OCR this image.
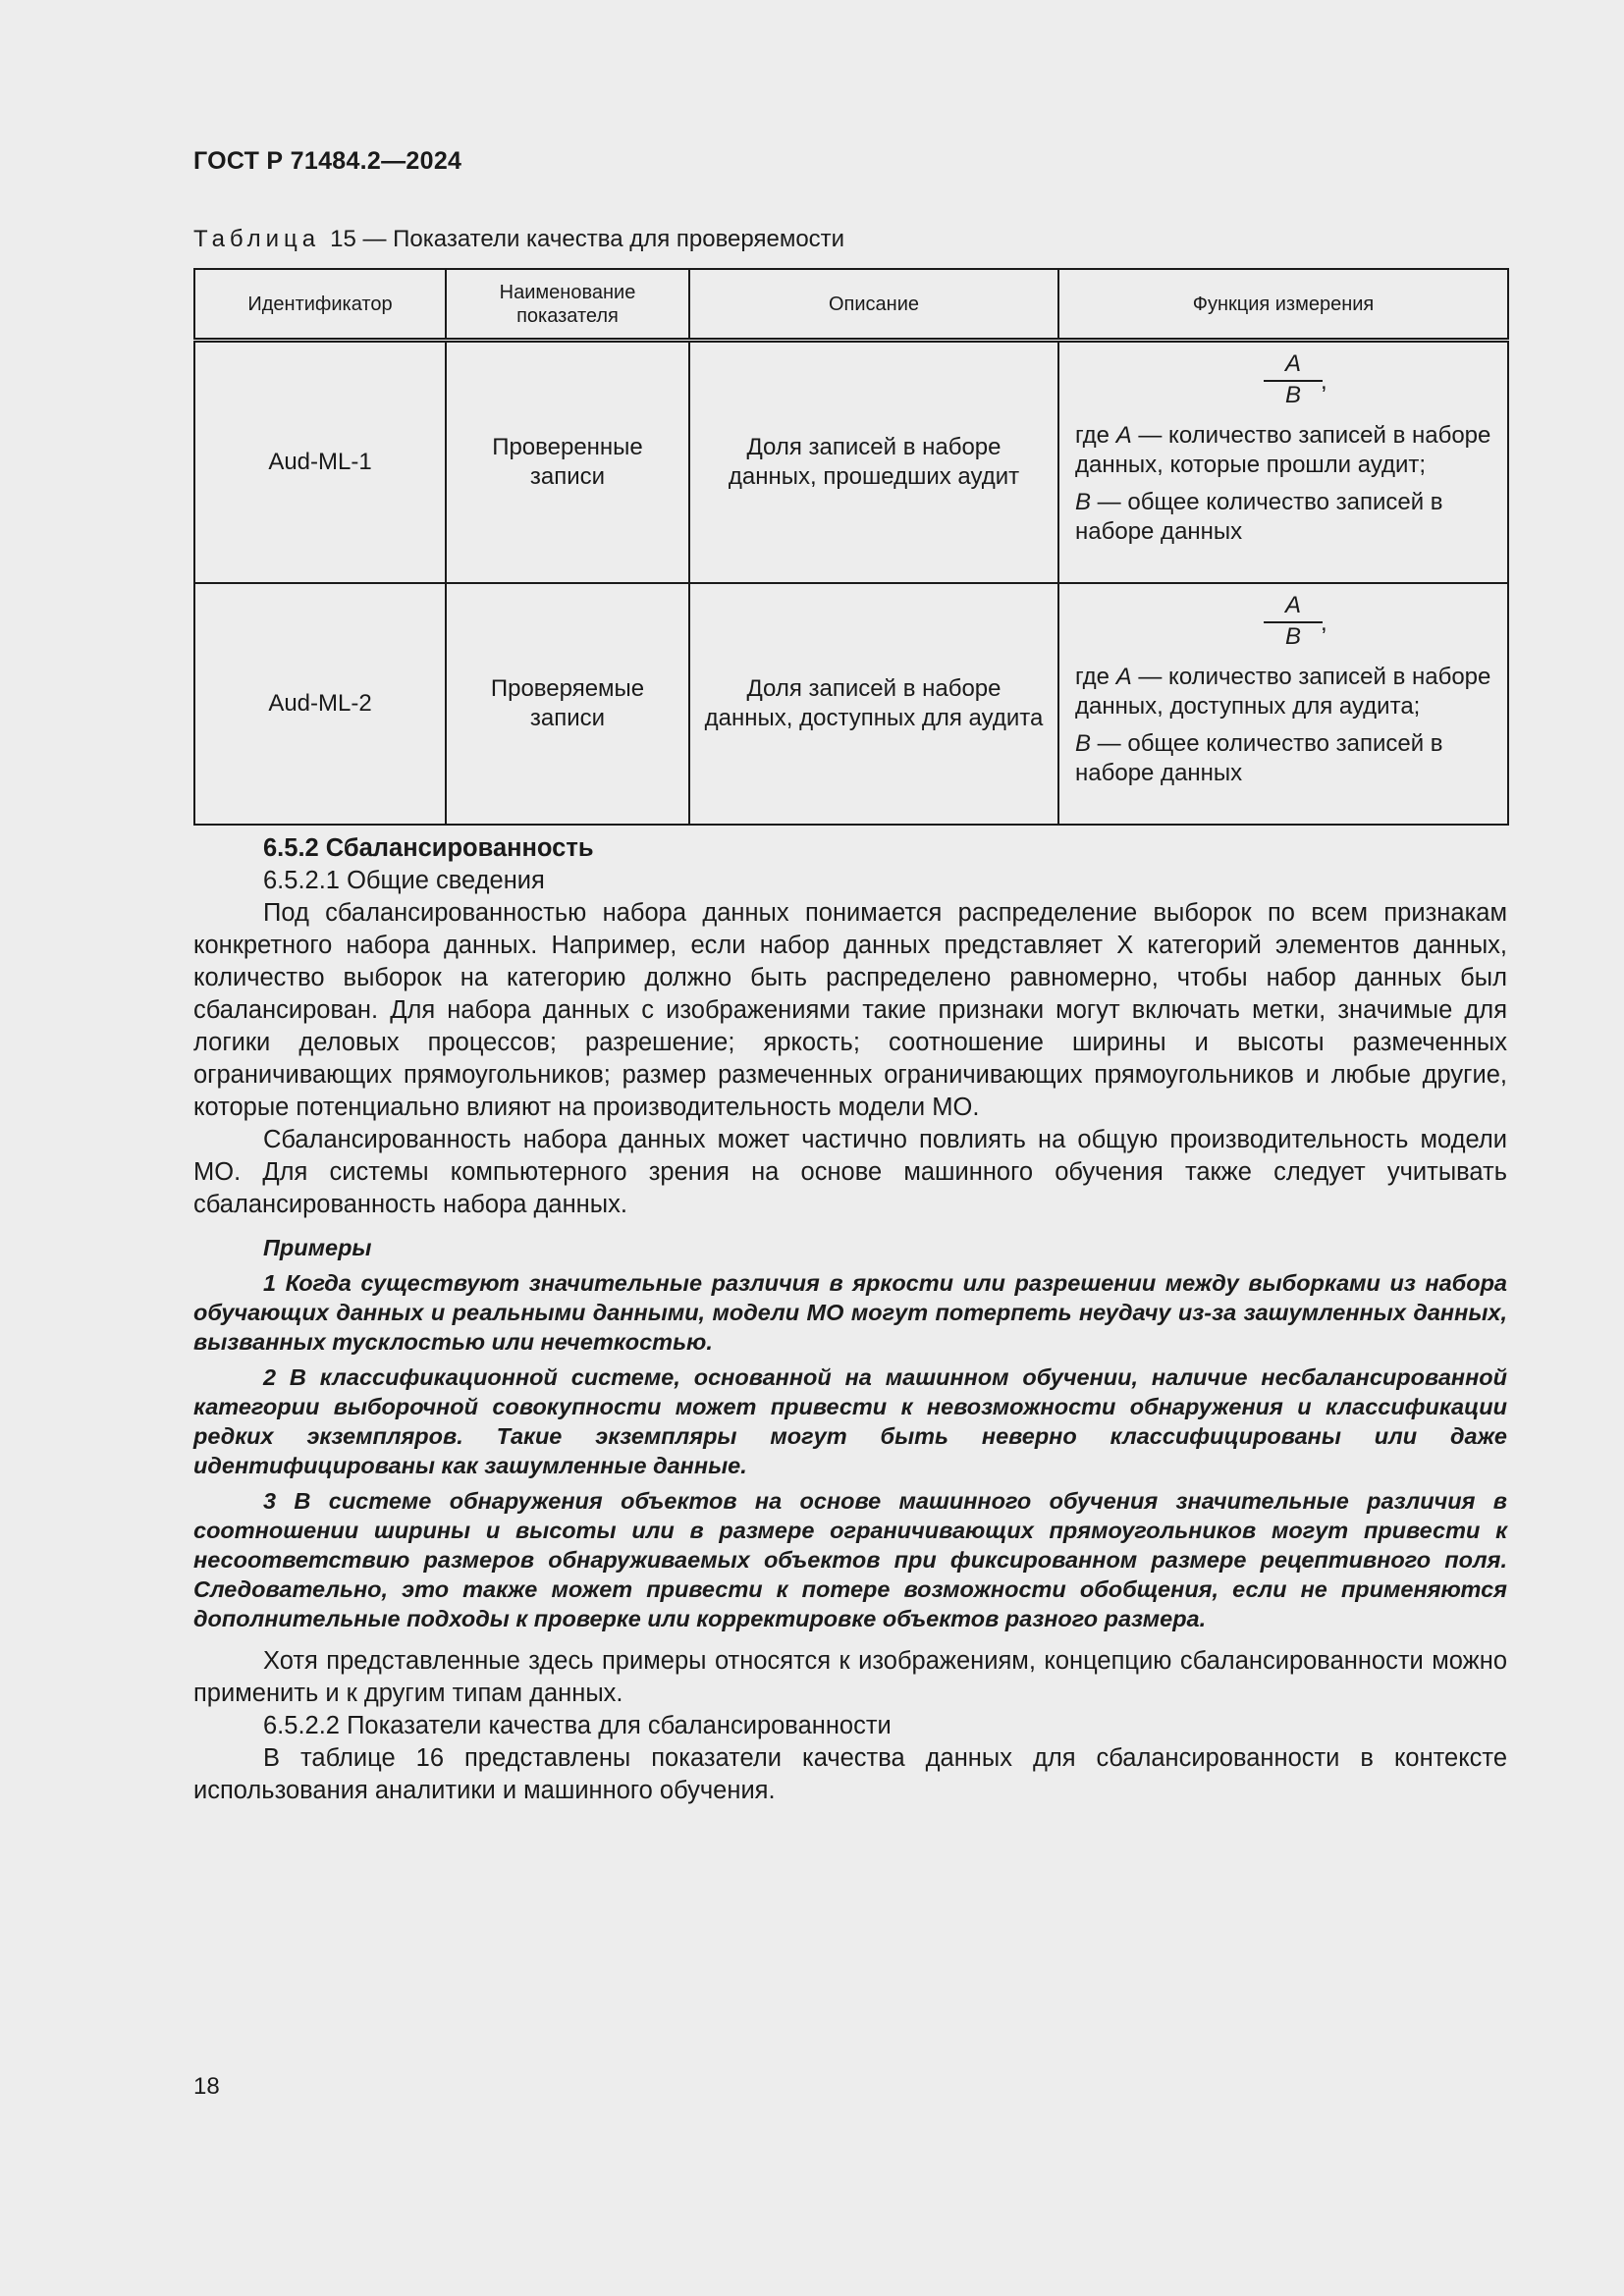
ГОСТ Р 71484.2—2024
Таблица 15 — Показатели качества для проверяемости
Идентификатор	Наименование показателя	Описание	Функция измерения
Aud-ML-1	Проверенные записи	Доля записей в наборе данных, прошедших аудит	A
B
,

где A — количество записей в наборе данных, которые прошли аудит;

B — общее количество записей в наборе данных

Aud-ML-2	Проверяемые записи	Доля записей в наборе данных, доступных для аудита	A
B
,

где A — количество записей в наборе данных, доступных для аудита;

B — общее количество записей в наборе данных

6.5.2 Сбалансированность

6.5.2.1 Общие сведения

Под сбалансированностью набора данных понимается распределение выборок по всем признакам конкретного набора данных. Например, если набор данных представляет Х категорий элементов данных, количество выборок на категорию должно быть распределено равномерно, чтобы набор данных был сбалансирован. Для набора данных с изображениями такие признаки могут включать метки, значимые для логики деловых процессов; разрешение; яркость; соотношение ширины и высоты размеченных ограничивающих прямоугольников; размер размеченных ограничивающих прямоугольников и любые другие, которые потенциально влияют на производительность модели МО.

Сбалансированность набора данных может частично повлиять на общую производительность модели МО. Для системы компьютерного зрения на основе машинного обучения также следует учитывать сбалансированность набора данных.

Примеры

1 Когда существуют значительные различия в яркости или разрешении между выборками из набора обучающих данных и реальными данными, модели МО могут потерпеть неудачу из-за зашумленных данных, вызванных тусклостью или нечеткостью.

2 В классификационной системе, основанной на машинном обучении, наличие несбалансированной категории выборочной совокупности может привести к невозможности обнаружения и классификации редких экземпляров. Такие экземпляры могут быть неверно классифицированы или даже идентифицированы как зашумленные данные.

3 В системе обнаружения объектов на основе машинного обучения значительные различия в соотношении ширины и высоты или в размере ограничивающих прямоугольников могут привести к несоответствию размеров обнаруживаемых объектов при фиксированном размере рецептивного поля. Следовательно, это также может привести к потере возможности обобщения, если не применяются дополнительные подходы к проверке или корректировке объектов разного размера.

Хотя представленные здесь примеры относятся к изображениям, концепцию сбалансированности можно применить и к другим типам данных.

6.5.2.2 Показатели качества для сбалансированности

В таблице 16 представлены показатели качества данных для сбалансированности в контексте использования аналитики и машинного обучения.

18
